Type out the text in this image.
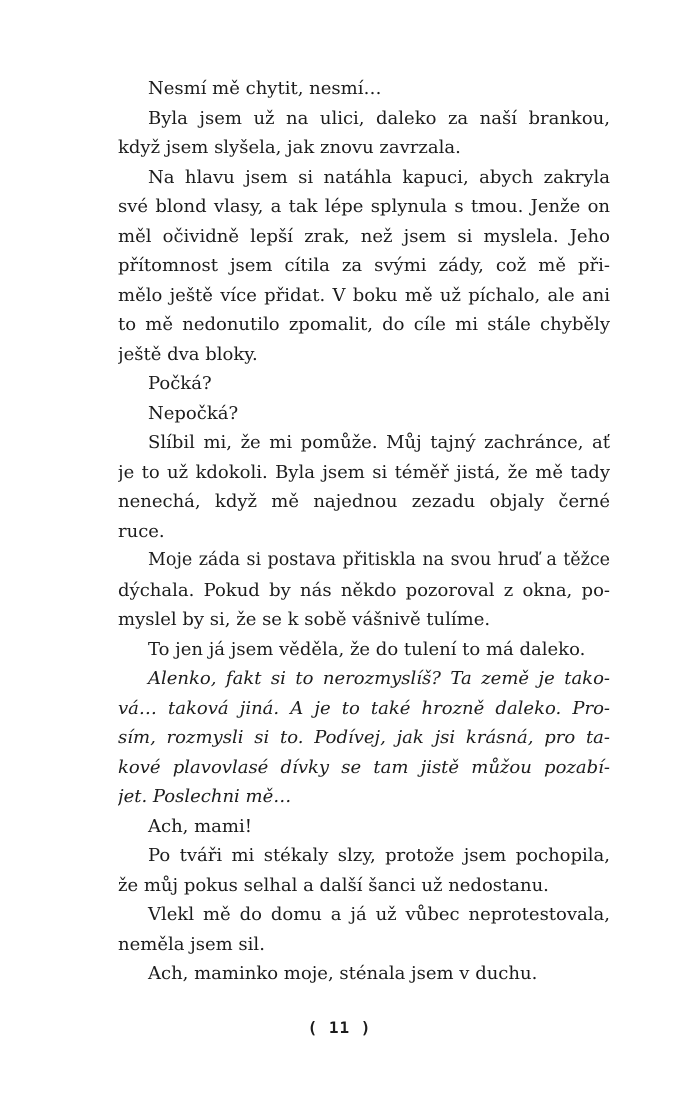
Nesmí mě chytit, nesmí…
Byla jsem už na ulici, daleko za naší brankou,
když jsem slyšela, jak znovu zavrzala.
Na hlavu jsem si natáhla kapuci, abych zakryla
své blond vlasy, a tak lépe splynula s tmou. Jenže on
měl očividně lepší zrak, než jsem si myslela. Jeho
přítomnost jsem cítila za svými zády, což mě při-
mělo ještě více přidat. V boku mě už píchalo, ale ani
to mě nedonutilo zpomalit, do cíle mi stále chyběly
ještě dva bloky.
Počká?
Nepočká?
Slíbil mi, že mi pomůže. Můj tajný zachránce, ať
je to už kdokoli. Byla jsem si téměř jistá, že mě tady
nenechá, když mě najednou zezadu objaly černé
ruce.
Moje záda si postava přitiskla na svou hruď a těžce
dýchala. Pokud by nás někdo pozoroval z okna, po-
myslel by si, že se k sobě vášnivě tulíme.
To jen já jsem věděla, že do tulení to má daleko.
Alenko, fakt si to nerozmyslíš? Ta země je tako-
vá… taková jiná. A je to také hrozně daleko. Pro-
sím, rozmysli si to. Podívej, jak jsi krásná, pro ta-
kové plavovlasé dívky se tam jistě můžou pozabí-
jet. Poslechni mě…
Ach, mami!
Po tváři mi stékaly slzy, protože jsem pochopila,
že můj pokus selhal a další šanci už nedostanu.
Vlekl mě do domu a já už vůbec neprotestovala,
neměla jsem sil.
Ach, maminko moje, sténala jsem v duchu.
( 11 )
